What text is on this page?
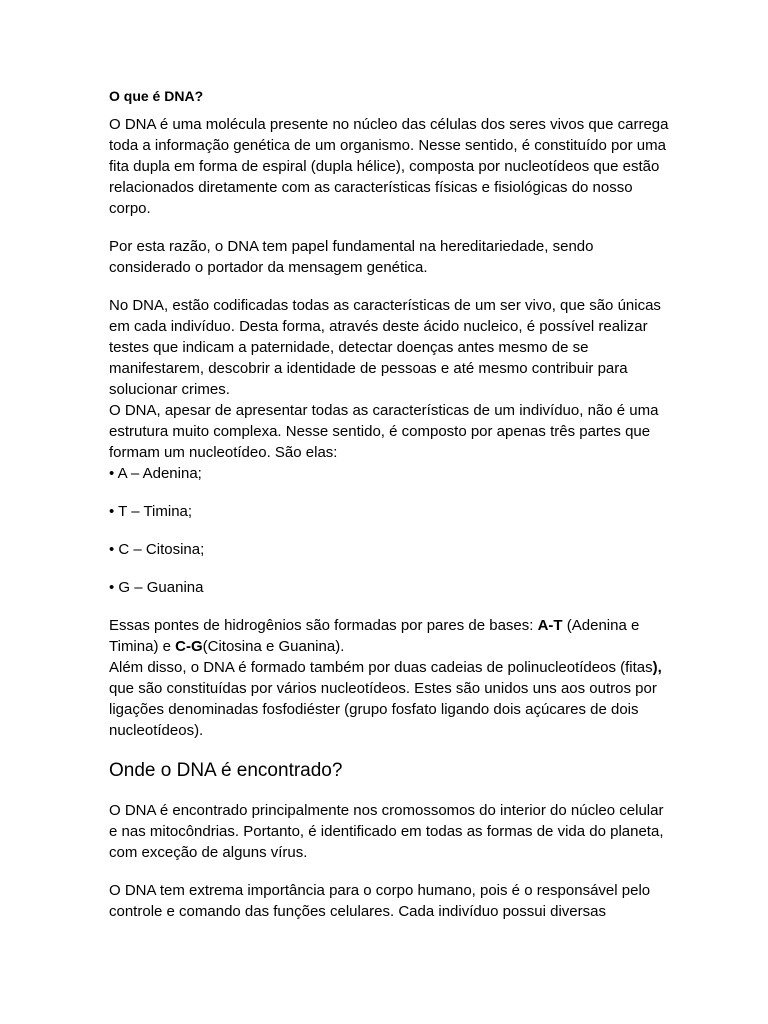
O que é DNA?

O DNA é uma molécula presente no núcleo das células dos seres vivos que carrega toda a informação genética de um organismo. Nesse sentido, é constituído por uma fita dupla em forma de espiral (dupla hélice), composta por nucleotídeos que estão relacionados diretamente com as características físicas e fisiológicas do nosso corpo.

Por esta razão, o DNA tem papel fundamental na hereditariedade, sendo considerado o portador da mensagem genética.

No DNA, estão codificadas todas as características de um ser vivo, que são únicas em cada indivíduo. Desta forma, através deste ácido nucleico, é possível realizar testes que indicam a paternidade, detectar doenças antes mesmo de se manifestarem, descobrir a identidade de pessoas e até mesmo contribuir para solucionar crimes.

O DNA, apesar de apresentar todas as características de um indivíduo, não é uma estrutura muito complexa. Nesse sentido, é composto por apenas três partes que formam um nucleotídeo. São elas:

• A – Adenina;
• T – Timina;
• C – Citosina;
• G – Guanina

Essas pontes de hidrogênios são formadas por pares de bases: A-T (Adenina e Timina) e C-G(Citosina e Guanina).

Além disso, o DNA é formado também por duas cadeias de polinucleotídeos (fitas), que são constituídas por vários nucleotídeos. Estes são unidos uns aos outros por ligações denominadas fosfodiéster (grupo fosfato ligando dois açúcares de dois nucleotídeos).

Onde o DNA é encontrado?

O DNA é encontrado principalmente nos cromossomos do interior do núcleo celular e nas mitocôndrias. Portanto, é identificado em todas as formas de vida do planeta, com exceção de alguns vírus.

O DNA tem extrema importância para o corpo humano, pois é o responsável pelo controle e comando das funções celulares. Cada indivíduo possui diversas
